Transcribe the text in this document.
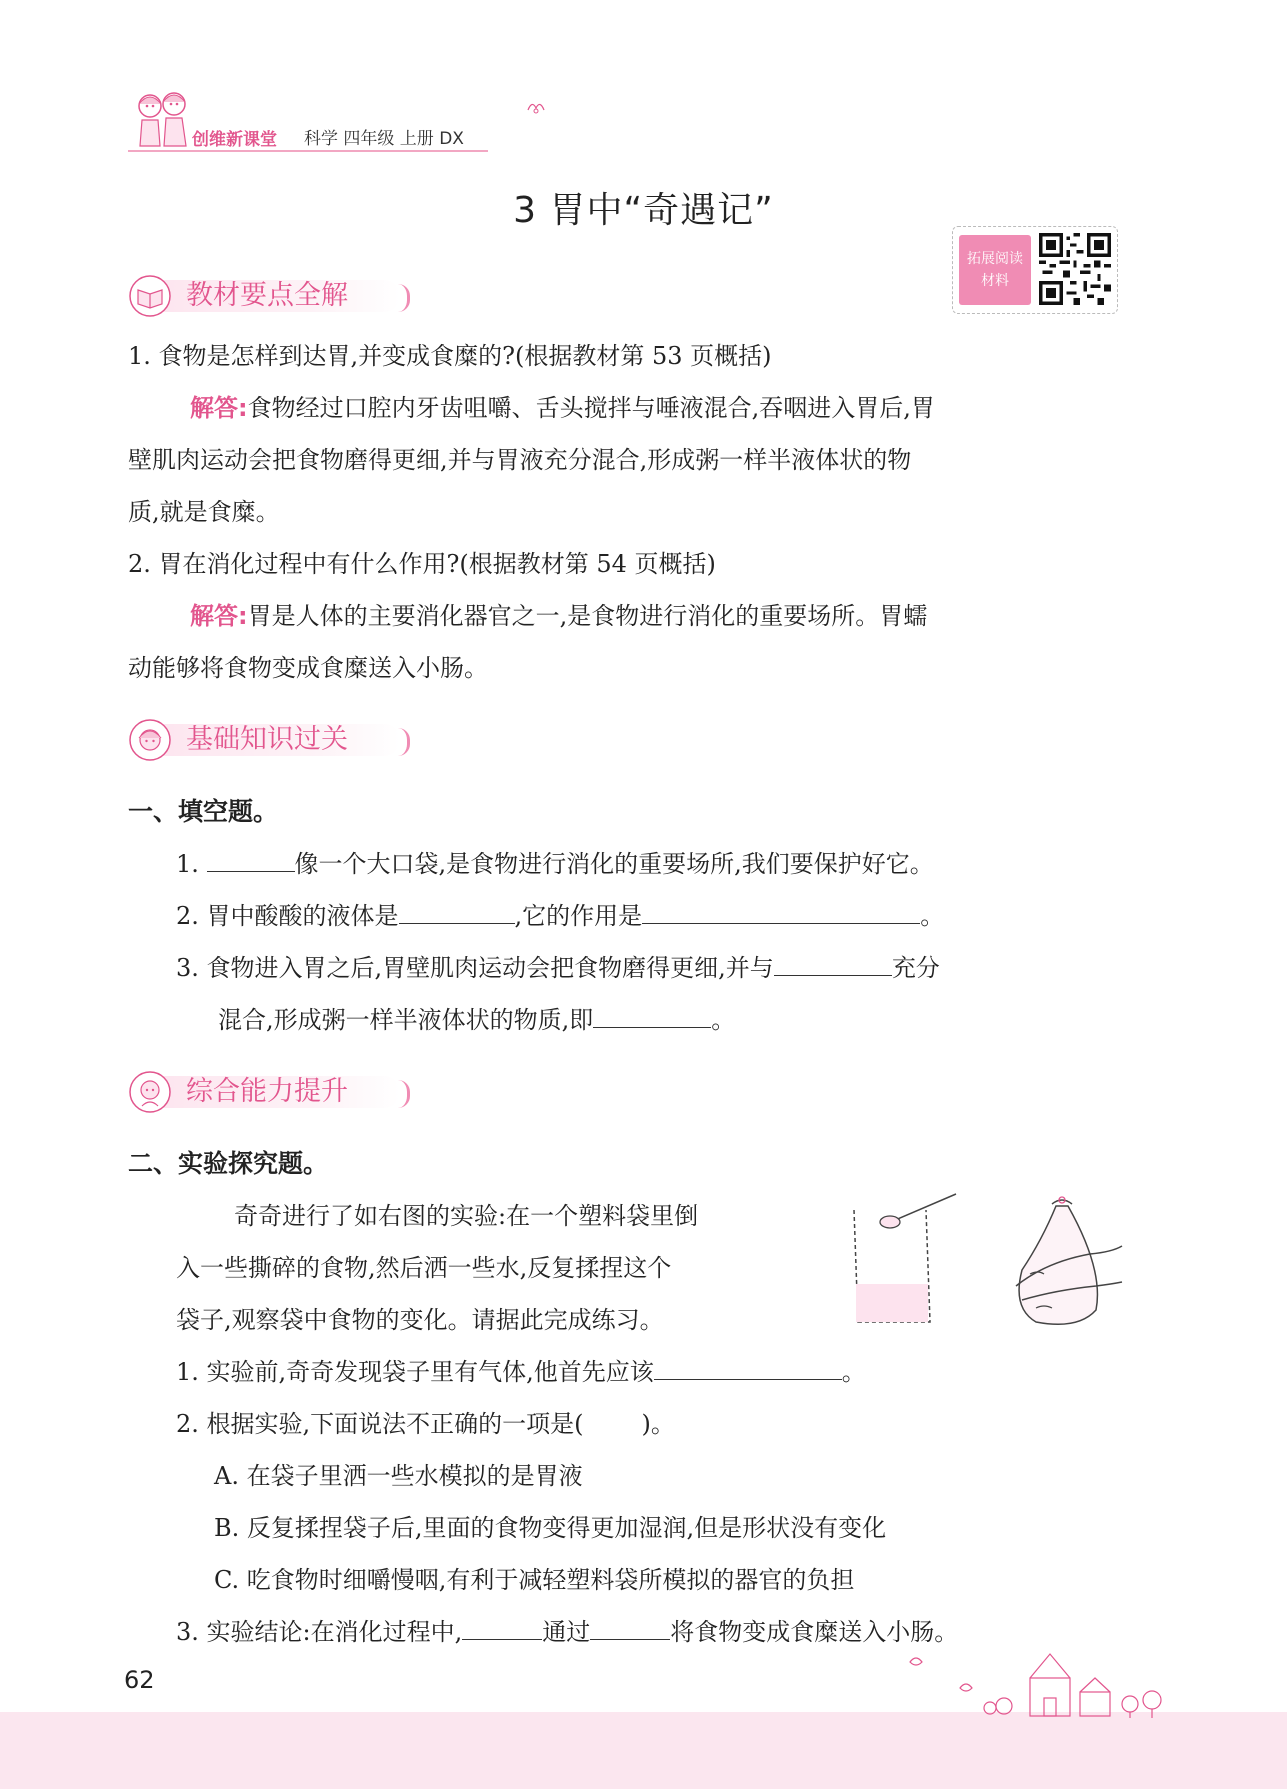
创维新课堂 科学 四年级 上册 DX
3 胃中“奇遇记”
拓展阅读
材料
教材要点全解
1. 食物是怎样到达胃,并变成食糜的?(根据教材第 53 页概括)
解答:食物经过口腔内牙齿咀嚼、舌头搅拌与唾液混合,吞咽进入胃后,胃
壁肌肉运动会把食物磨得更细,并与胃液充分混合,形成粥一样半液体状的物
质,就是食糜。
2. 胃在消化过程中有什么作用?(根据教材第 54 页概括)
解答:胃是人体的主要消化器官之一,是食物进行消化的重要场所。胃蠕
动能够将食物变成食糜送入小肠。
基础知识过关
一、填空题。
1.	像一个大口袋,是食物进行消化的重要场所,我们要保护好它。
2. 胃中酸酸的液体是	,它的作用是	。
3. 食物进入胃之后,胃壁肌肉运动会把食物磨得更细,并与	充分
混合,形成粥一样半液体状的物质,即	。
综合能力提升
二、实验探究题。
奇奇进行了如右图的实验:在一个塑料袋里倒
入一些撕碎的食物,然后洒一些水,反复揉捏这个
袋子,观察袋中食物的变化。请据此完成练习。
1. 实验前,奇奇发现袋子里有气体,他首先应该	。
2. 根据实验,下面说法不正确的一项是( )。
A. 在袋子里洒一些水模拟的是胃液
B. 反复揉捏袋子后,里面的食物变得更加湿润,但是形状没有变化
C. 吃食物时细嚼慢咽,有利于减轻塑料袋所模拟的器官的负担
3. 实验结论:在消化过程中,	通过	将食物变成食糜送入小肠。
62
